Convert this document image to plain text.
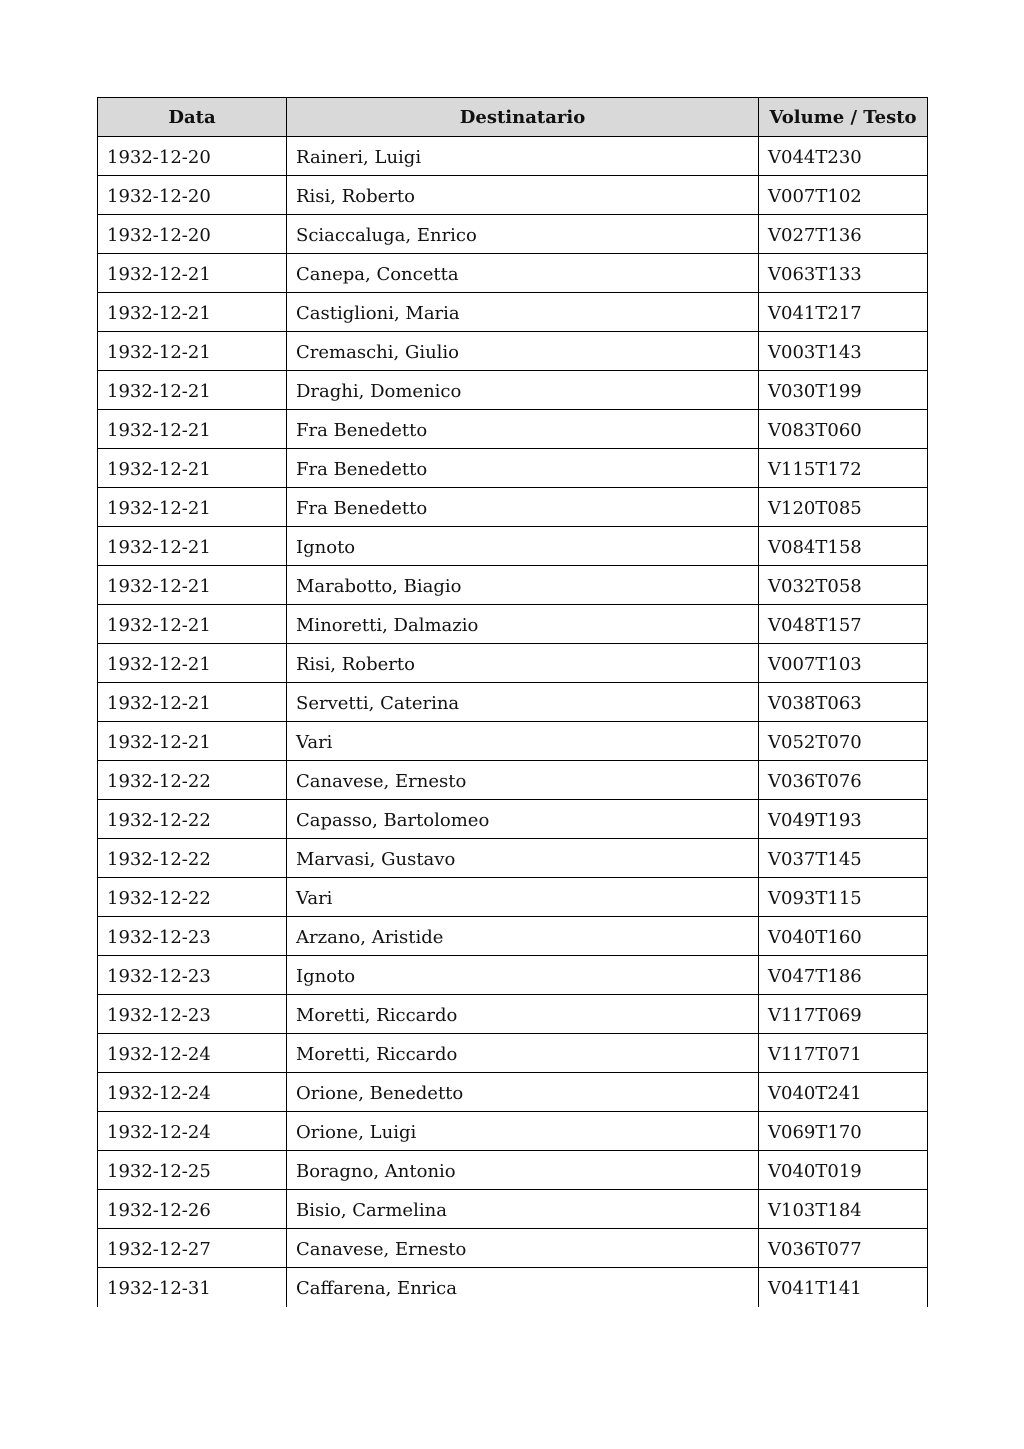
Data	Destinatario	Volume / Testo
1932-12-20	Raineri, Luigi	V044T230
1932-12-20	Risi, Roberto	V007T102
1932-12-20	Sciaccaluga, Enrico	V027T136
1932-12-21	Canepa, Concetta	V063T133
1932-12-21	Castiglioni, Maria	V041T217
1932-12-21	Cremaschi, Giulio	V003T143
1932-12-21	Draghi, Domenico	V030T199
1932-12-21	Fra Benedetto	V083T060
1932-12-21	Fra Benedetto	V115T172
1932-12-21	Fra Benedetto	V120T085
1932-12-21	Ignoto	V084T158
1932-12-21	Marabotto, Biagio	V032T058
1932-12-21	Minoretti, Dalmazio	V048T157
1932-12-21	Risi, Roberto	V007T103
1932-12-21	Servetti, Caterina	V038T063
1932-12-21	Vari	V052T070
1932-12-22	Canavese, Ernesto	V036T076
1932-12-22	Capasso, Bartolomeo	V049T193
1932-12-22	Marvasi, Gustavo	V037T145
1932-12-22	Vari	V093T115
1932-12-23	Arzano, Aristide	V040T160
1932-12-23	Ignoto	V047T186
1932-12-23	Moretti, Riccardo	V117T069
1932-12-24	Moretti, Riccardo	V117T071
1932-12-24	Orione, Benedetto	V040T241
1932-12-24	Orione, Luigi	V069T170
1932-12-25	Boragno, Antonio	V040T019
1932-12-26	Bisio, Carmelina	V103T184
1932-12-27	Canavese, Ernesto	V036T077
1932-12-31	Caffarena, Enrica	V041T141
